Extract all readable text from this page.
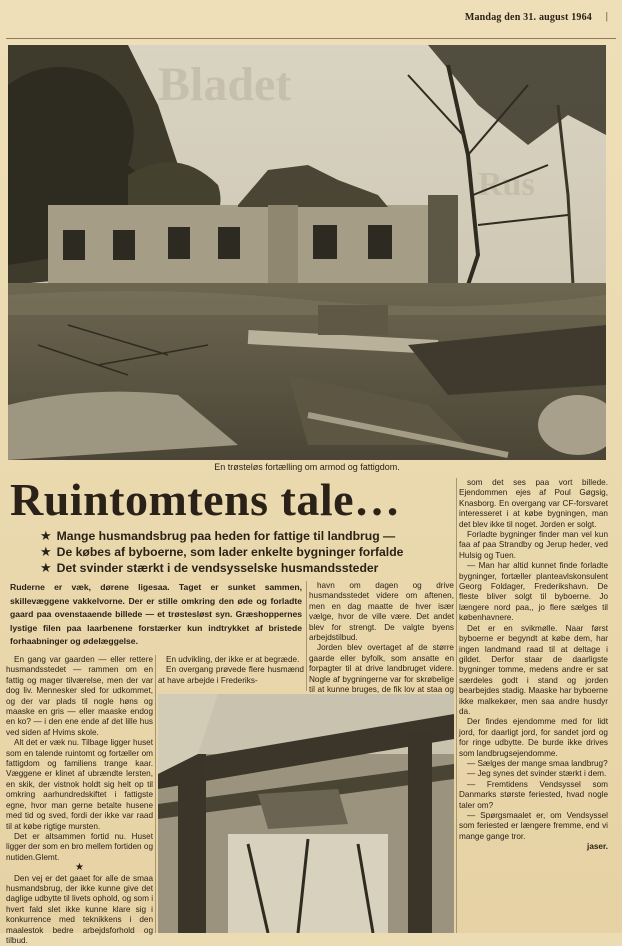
Mandag den 31. august 1964 |
Bladet
Rus
En trøsteløs fortælling om armod og fattigdom.
Ruintomtens tale…
★ Mange husmandsbrug paa heden for fattige til landbrug —
★ De købes af byboerne, som lader enkelte bygninger forfalde
★ Det svinder stærkt i de vendsysselske husmandssteder
Ruderne er væk, dørene ligesaa. Taget er sunket sammen, skillevæggene vakkelvorne. Der er stille omkring den øde og forladte gaard paa ovenstaaende billede — et trøstesløst syn. Græshoppernes lystige filen paa laarbenene forstærker kun indtrykket af bristede forhaabninger og ødelæggelse.

En gang var gaarden — eller rettere husmandsstedet — rammen om en fattig og mager tilværelse, men der var dog liv. Mennesker sled for udkommet, og der var plads til nogle høns og maaske en gris — eller maaske endog en ko? — i den ene ende af det lille hus ved siden af Hvims skole.

Alt det er væk nu. Tilbage ligger huset som en talende ruintomt og fortæller om fattigdom og familiens trange kaar. Væggene er klinet af ubrændte lersten, en skik, der vistnok holdt sig helt op til omkring aarhundredskiftet i fattigste egne, hvor man gerne betalte husene med tid og sved, fordi der ikke var raad til at købe rigtige mursten.

Det er altsammen fortid nu. Huset ligger der som en bro mellem fortiden og nutiden.Glemt.

★

Den vej er det gaaet for alle de smaa husmandsbrug, der ikke kunne give det daglige udbytte til livets ophold, og som i hvert fald slet ikke kunne klare sig i konkurrence med teknikkens i den maalestok bedre arbejdsforhold og tilbud.

En udvikling, der ikke er at begræde.

En overgang prøvede flere husmænd at have arbejde i Frederiks-

havn om dagen og drive husmandsstedet videre om aftenen, men en dag maatte de hver især vælge, hvor de ville være. Det andet blev for strengt. De valgte byens arbejdstilbud.

Jorden blev overtaget af de større gaarde eller byfolk, som ansatte en forpagter til at drive landbruget videre. Nogle af bygningerne var for skrøbelige til at kunne bruges, de fik lov at staa og

som det ses paa vort billede. Ejendommen ejes af Poul Gøgsig, Knasborg. En overgang var CF-forsvaret interesseret i at købe bygningen, man det blev ikke til noget. Jorden er solgt.

Forladte bygninger finder man vel kun faa af paa Strandby og Jerup heder, ved Hulsig og Tuen.

— Man har altid kunnet finde forladte bygninger, fortæller planteavlskonsulent Georg Foldager, Frederikshavn. De fleste bliver solgt til byboerne. Jo længere nord paa,, jo flere sælges til københavnere.

Det er en svikmølle. Naar først byboerne er begyndt at købe dem, har ingen landmand raad til at deltage i gildet. Derfor staar de daarligste bygninger tomme, medens andre er sat særdeles godt i stand og jorden bearbejdes stadig. Maaske har byboerne ikke malkekøer, men saa andre husdyr da.

Der findes ejendomme med for lidt jord, for daarligt jord, for sandet jord og for ringe udbytte. De burde ikke drives som landbrugsejendomme.

— Sælges der mange smaa landbrug?

— Jeg synes det svinder stærkt i dem.

— Fremtidens Vendsyssel som Danmarks største feriested, hvad nogle taler om?

— Spørgsmaalet er, om Vendsyssel som feriested er længere fremme, end vi mange gange tror.

jaser.
